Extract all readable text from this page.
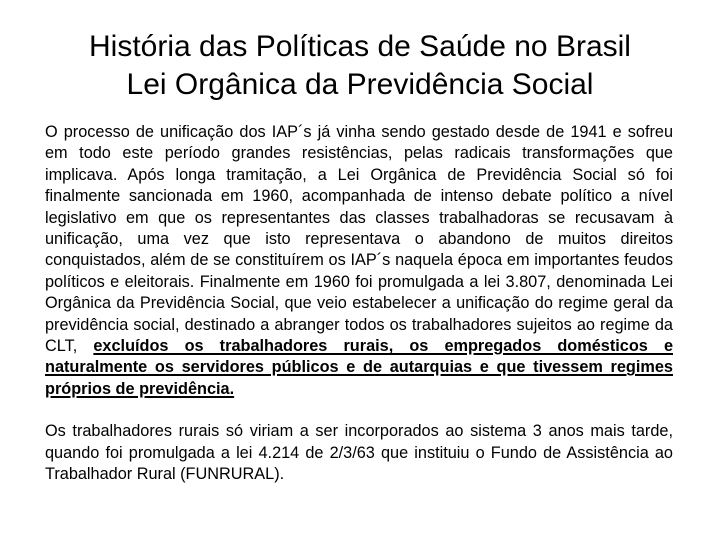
História das Políticas de Saúde no Brasil
Lei Orgânica da Previdência Social

O processo de unificação dos IAP´s já vinha sendo gestado desde de 1941 e sofreu em todo este período grandes resistências, pelas radicais transformações que implicava. Após longa tramitação, a Lei Orgânica de Previdência Social só foi finalmente sancionada em 1960, acompanhada de intenso debate político a nível legislativo em que os representantes das classes trabalhadoras se recusavam à unificação, uma vez que isto representava o abandono de muitos direitos conquistados, além de se constituírem os IAP´s naquela época em importantes feudos políticos e eleitorais. Finalmente em 1960 foi promulgada a lei 3.807, denominada Lei Orgânica da Previdência Social, que veio estabelecer a unificação do regime geral da previdência social, destinado a abranger todos os trabalhadores sujeitos ao regime da CLT, excluídos os trabalhadores rurais, os empregados domésticos e naturalmente os servidores públicos e de autarquias e que tivessem regimes próprios de previdência.

Os trabalhadores rurais só viriam a ser incorporados ao sistema 3 anos mais tarde, quando foi promulgada a lei 4.214 de 2/3/63 que instituiu o Fundo de Assistência ao Trabalhador Rural (FUNRURAL).
